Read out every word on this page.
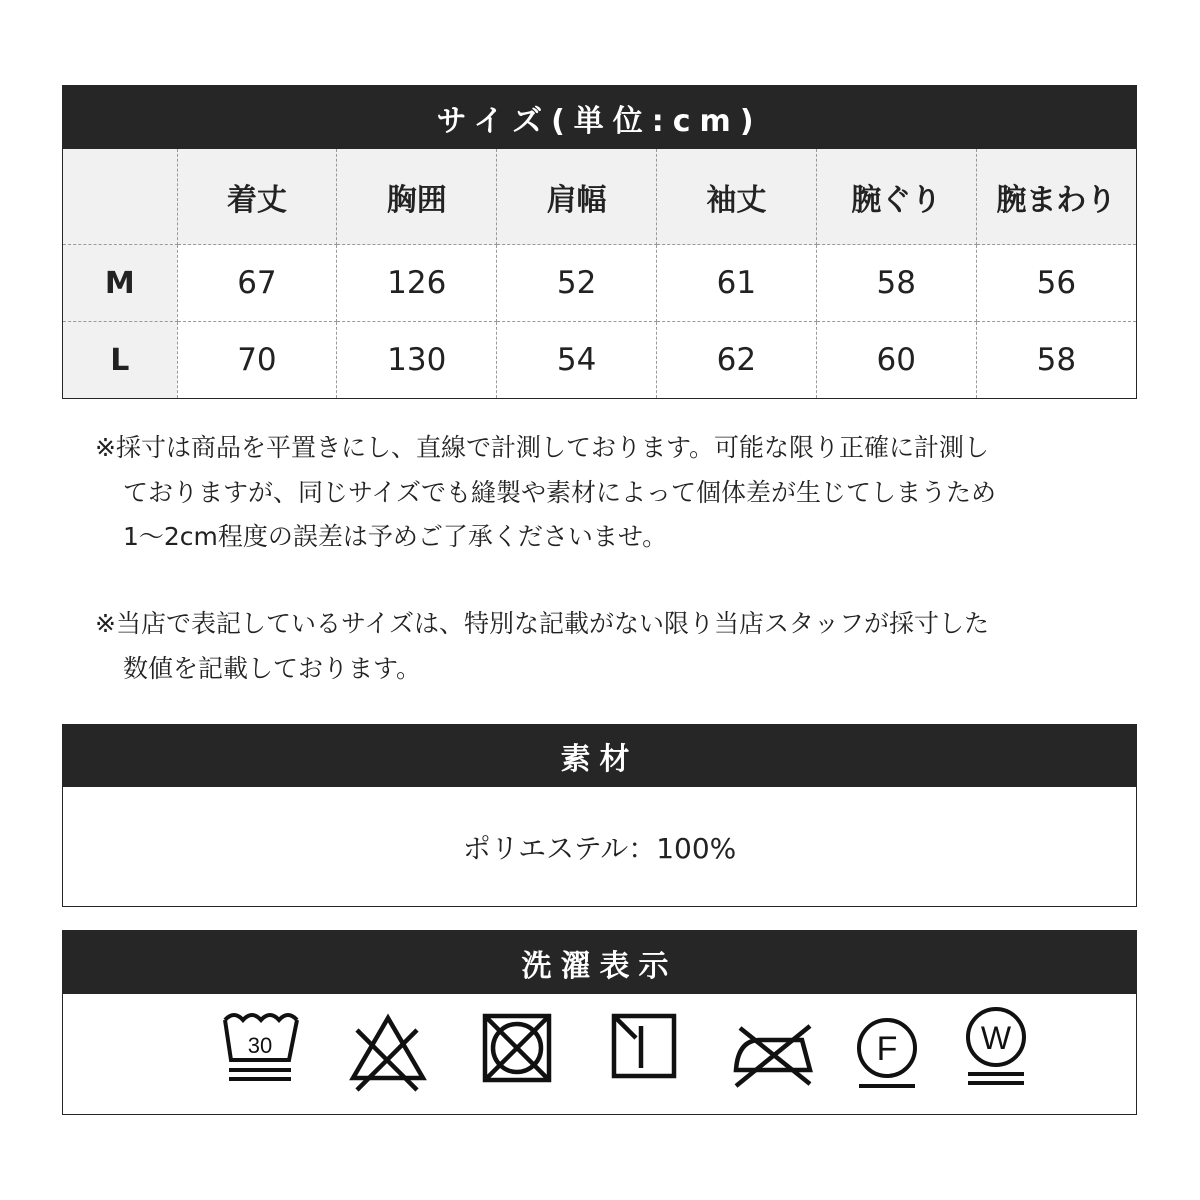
サイズ(単位:cm)
	着丈	胸囲	肩幅	袖丈	腕ぐり	腕まわり
M	67	126	52	61	58	56
L	70	130	54	62	60	58

※採寸は商品を平置きにし、直線で計測しております。可能な限り正確に計測し

ておりますが、同じサイズでも縫製や素材によって個体差が生じてしまうため

1～2cm程度の誤差は予めご了承くださいませ。

※当店で表記しているサイズは、特別な記載がない限り当店スタッフが採寸した

数値を記載しております。

素材
ポリエステル：100%
洗濯表示
30	F	W
